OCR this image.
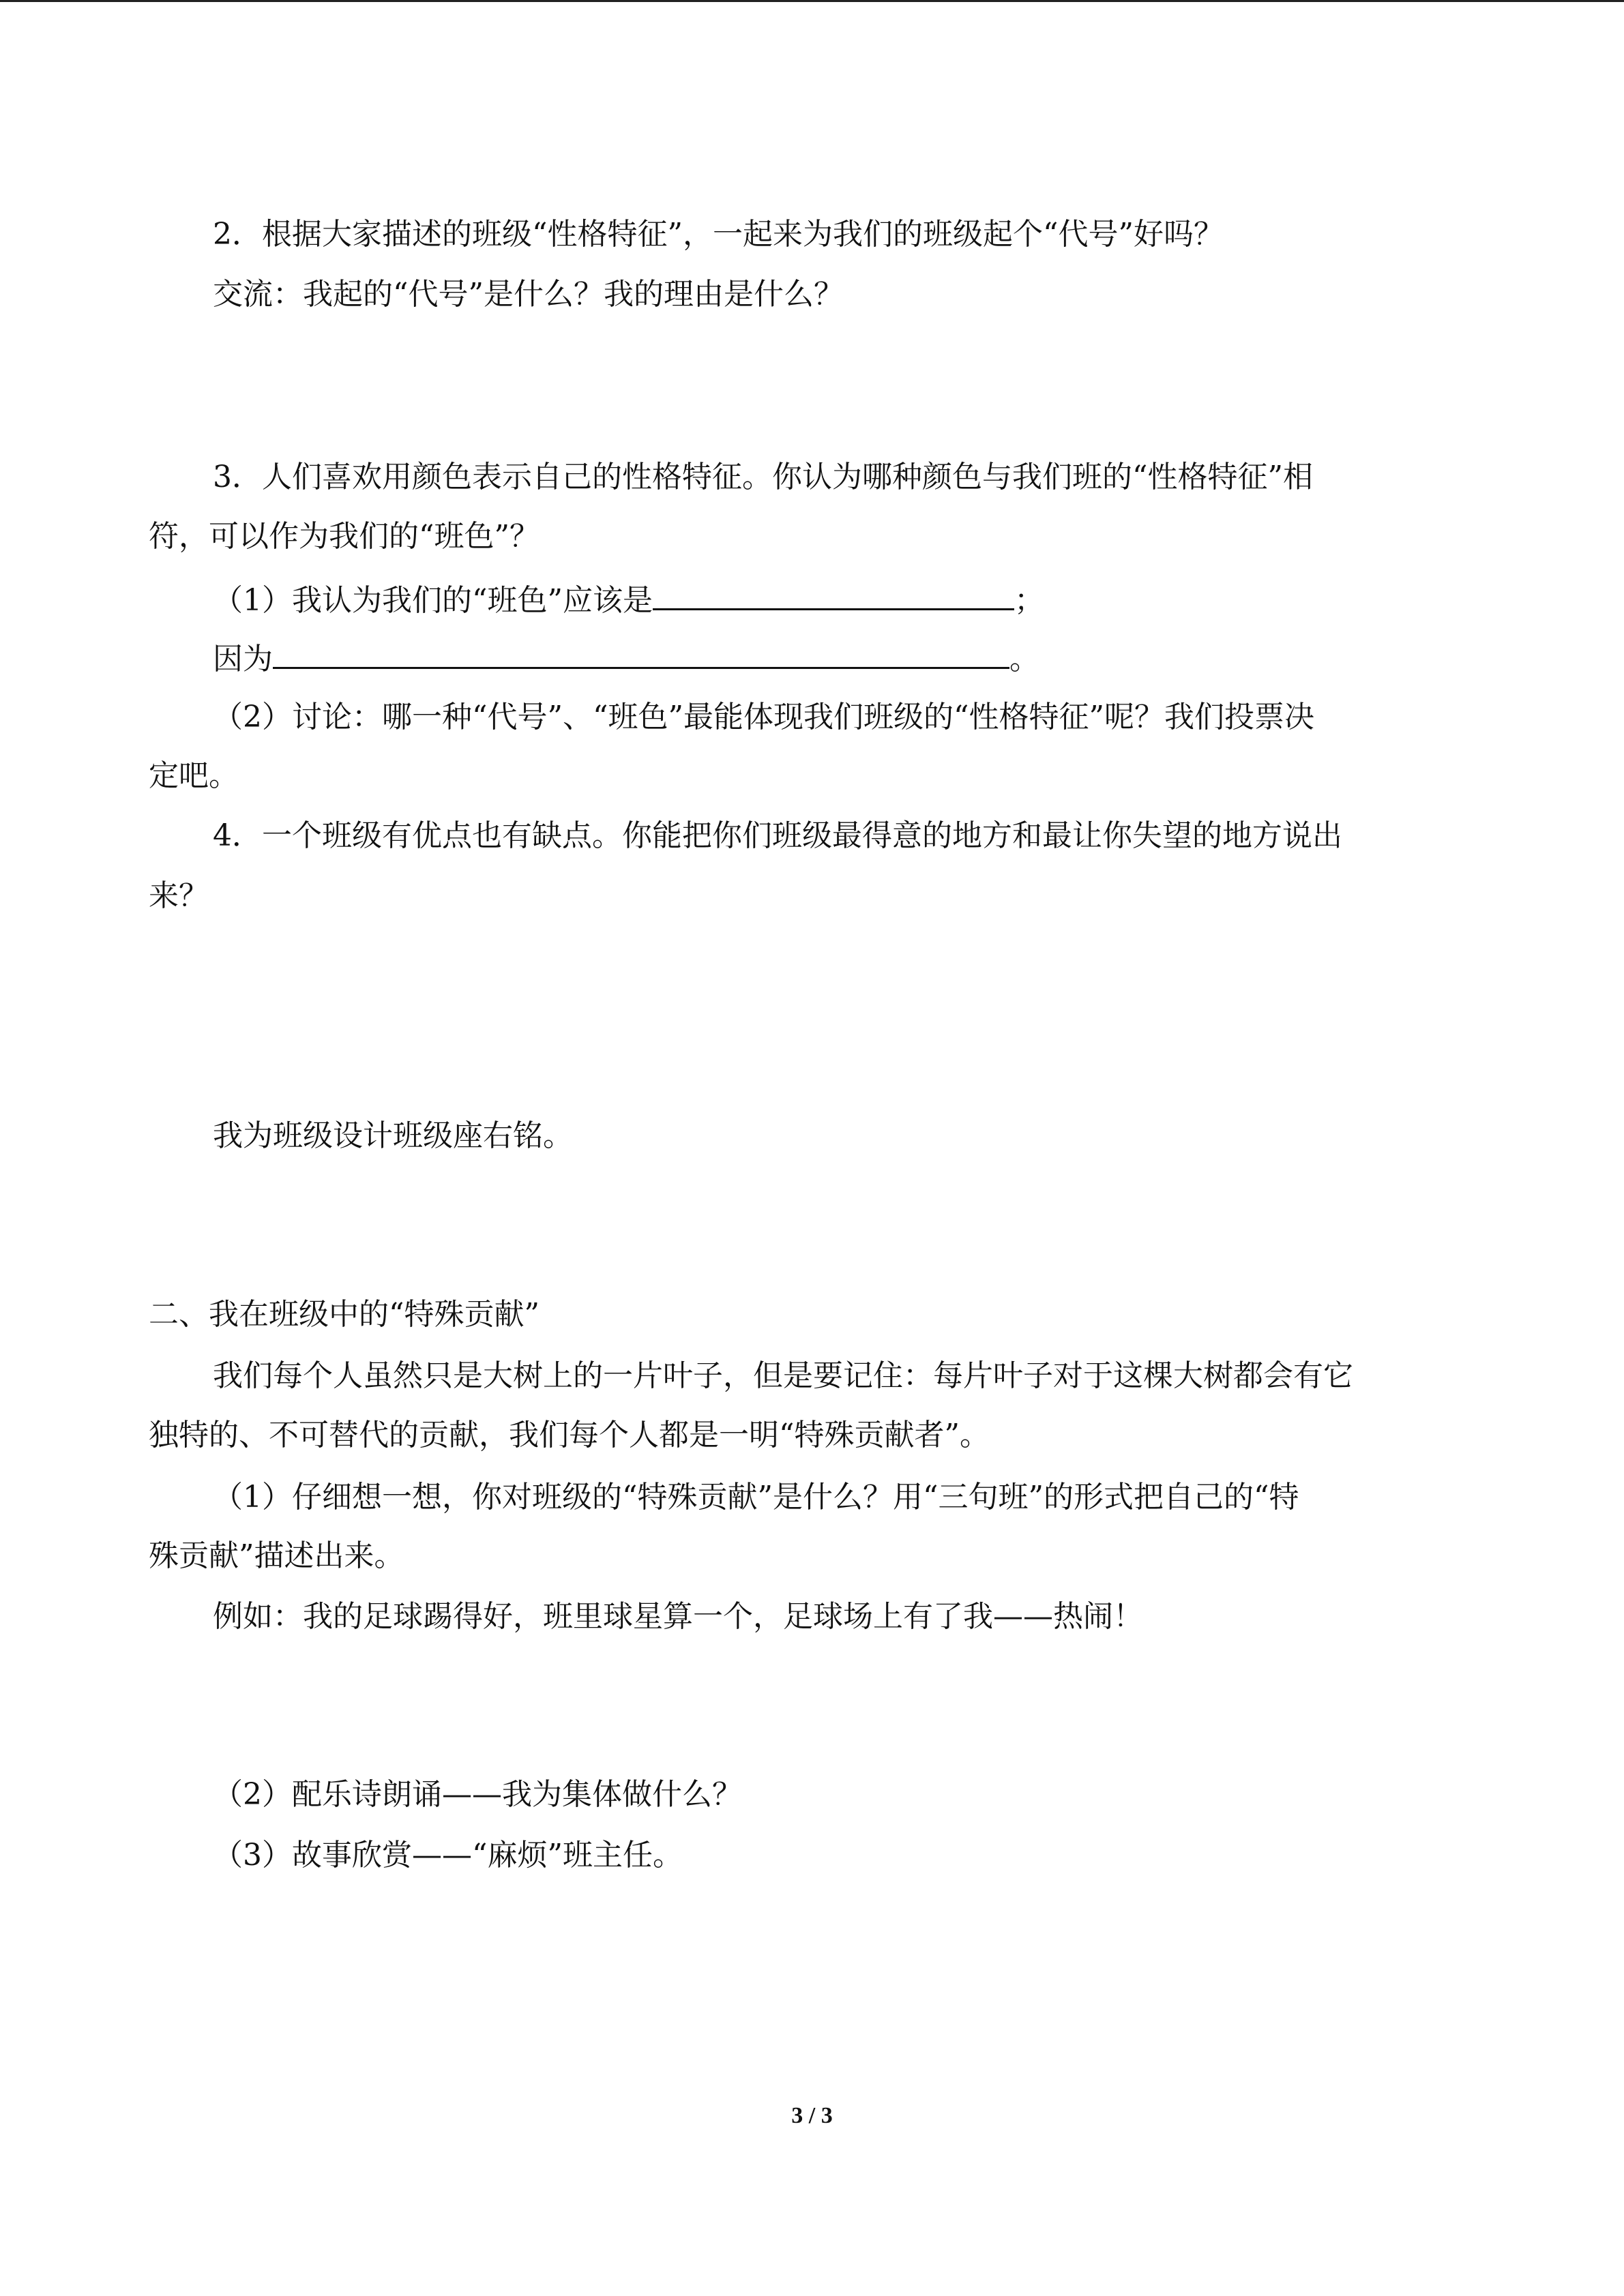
2．根据大家描述的班级“性格特征”，一起来为我们的班级起个“代号”好吗？
交流：我起的“代号”是什么？我的理由是什么？
3．人们喜欢用颜色表示自己的性格特征。你认为哪种颜色与我们班的“性格特征”相
符，可以作为我们的“班色”？
（1）我认为我们的“班色”应该是	；
因为	。
（2）讨论：哪一种“代号”、“班色”最能体现我们班级的“性格特征”呢？我们投票决
定吧。
4．一个班级有优点也有缺点。你能把你们班级最得意的地方和最让你失望的地方说出
来？
我为班级设计班级座右铭。
二、我在班级中的“特殊贡献”
我们每个人虽然只是大树上的一片叶子，但是要记住：每片叶子对于这棵大树都会有它
独特的、不可替代的贡献，我们每个人都是一明“特殊贡献者”。
（1）仔细想一想，你对班级的“特殊贡献”是什么？用“三句班”的形式把自己的“特
殊贡献”描述出来。
例如：我的足球踢得好，班里球星算一个，足球场上有了我——热闹！
（2）配乐诗朗诵——我为集体做什么？
（3）故事欣赏——“麻烦”班主任。
3 / 3
